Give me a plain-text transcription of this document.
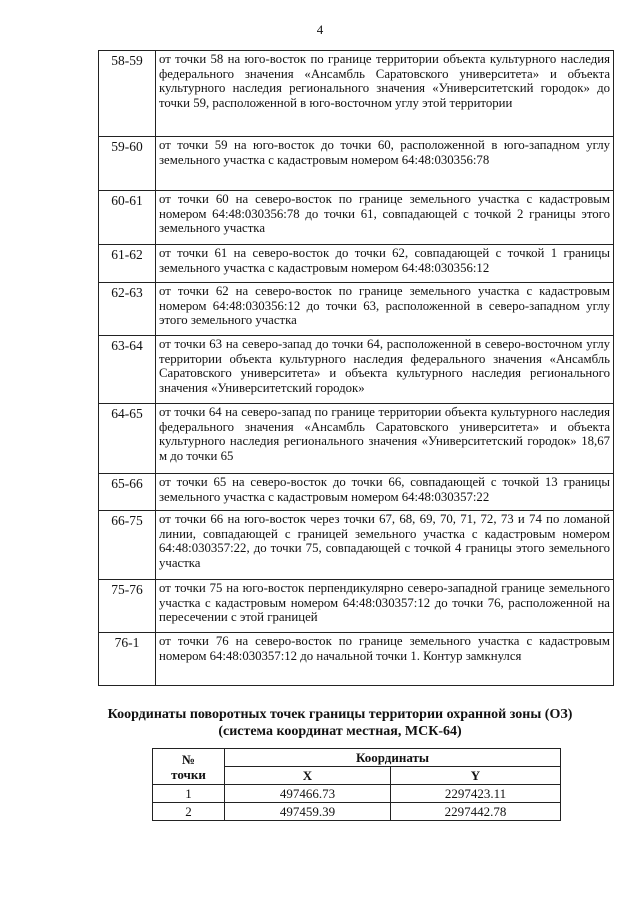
4
58-59	от точки 58 на юго-восток по границе территории объекта культурного наследия федерального значения «Ансамбль Саратовского университета» и объекта культурного наследия регионального значения «Университетский городок» до точки 59, расположенной в юго-восточном углу этой территории
59-60	от точки 59 на юго-восток до точки 60, расположенной в юго-западном углу земельного участка с кадастровым номером 64:48:030356:78
60-61	от точки 60 на северо-восток по границе земельного участка с кадастровым номером 64:48:030356:78 до точки 61, совпадающей с точкой 2 границы этого земельного участка
61-62	от точки 61 на северо-восток до точки 62, совпадающей с точкой 1 границы земельного участка с кадастровым номером 64:48:030356:12
62-63	от точки 62 на северо-восток по границе земельного участка с кадастровым номером 64:48:030356:12 до точки 63, расположенной в северо-западном углу этого земельного участка
63-64	от точки 63 на северо-запад до точки 64, расположенной в северо-восточном углу территории объекта культурного наследия федерального значения «Ансамбль Саратовского университета» и объекта культурного наследия регионального значения «Университетский городок»
64-65	от точки 64 на северо-запад по границе территории объекта культурного наследия федерального значения «Ансамбль Саратовского университета» и объекта культурного наследия регионального значения «Университетский городок» 18,67 м до точки 65
65-66	от точки 65 на северо-восток до точки 66, совпадающей с точкой 13 границы земельного участка с кадастровым номером 64:48:030357:22
66-75	от точки 66 на юго-восток через точки 67, 68, 69, 70, 71, 72, 73 и 74 по ломаной линии, совпадающей с границей земельного участка с кадастровым номером 64:48:030357:22, до точки 75, совпадающей с точкой 4 границы этого земельного участка
75-76	от точки 75 на юго-восток перпендикулярно северо-западной границе земельного участка с кадастровым номером 64:48:030357:12 до точки 76, расположенной на пересечении с этой границей
76-1	от точки 76 на северо-восток по границе земельного участка с кадастровым номером 64:48:030357:12 до начальной точки 1. Контур замкнулся
Координаты поворотных точек границы территории охранной зоны (ОЗ)
(система координат местная, МСК-64)
№
точки	Координаты	
	X	Y
1	497466.73	2297423.11
2	497459.39	2297442.78
